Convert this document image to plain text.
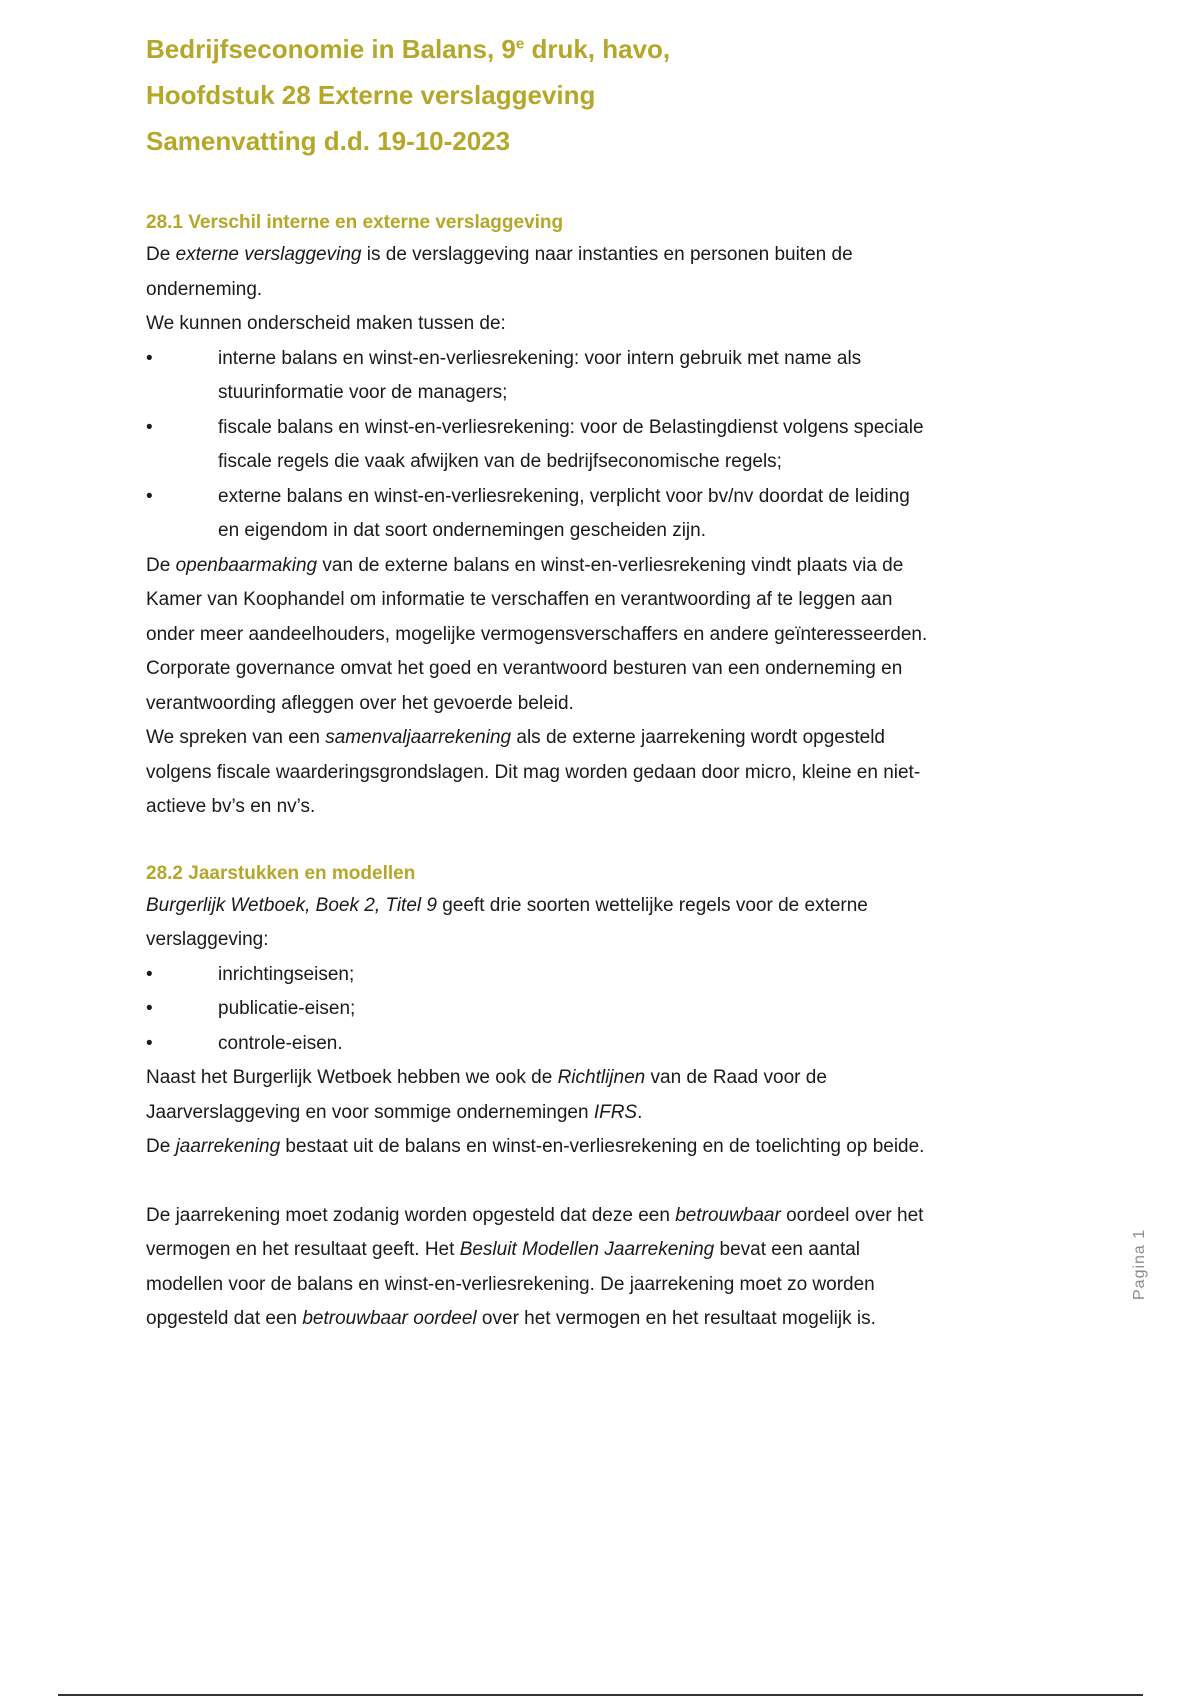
Bedrijfseconomie in Balans, 9e druk, havo,

Hoofdstuk 28 Externe verslaggeving

Samenvatting d.d. 19-10-2023

28.1 Verschil interne en externe verslaggeving

De externe verslaggeving is de verslaggeving naar instanties en personen buiten de

onderneming.

We kunnen onderscheid maken tussen de:

•	interne balans en winst-en-verliesrekening: voor intern gebruik met name als
stuurinformatie voor de managers;
•	fiscale balans en winst-en-verliesrekening: voor de Belastingdienst volgens speciale
fiscale regels die vaak afwijken van de bedrijfseconomische regels;
•	externe balans en winst-en-verliesrekening, verplicht voor bv/nv doordat de leiding
en eigendom in dat soort ondernemingen gescheiden zijn.

De openbaarmaking van de externe balans en winst-en-verliesrekening vindt plaats via de

Kamer van Koophandel om informatie te verschaffen en verantwoording af te leggen aan

onder meer aandeelhouders, mogelijke vermogensverschaffers en andere geïnteresseerden.

Corporate governance omvat het goed en verantwoord besturen van een onderneming en

verantwoording afleggen over het gevoerde beleid.

We spreken van een samenvaljaarrekening als de externe jaarrekening wordt opgesteld

volgens fiscale waarderingsgrondslagen. Dit mag worden gedaan door micro, kleine en niet-

actieve bv’s en nv’s.

28.2 Jaarstukken en modellen

Burgerlijk Wetboek, Boek 2, Titel 9 geeft drie soorten wettelijke regels voor de externe

verslaggeving:

•	inrichtingseisen;
•	publicatie-eisen;
•	controle-eisen.

Naast het Burgerlijk Wetboek hebben we ook de Richtlijnen van de Raad voor de

Jaarverslaggeving en voor sommige ondernemingen IFRS.

De jaarrekening bestaat uit de balans en winst-en-verliesrekening en de toelichting op beide.

De jaarrekening moet zodanig worden opgesteld dat deze een betrouwbaar oordeel over het

vermogen en het resultaat geeft. Het Besluit Modellen Jaarrekening bevat een aantal

modellen voor de balans en winst-en-verliesrekening. De jaarrekening moet zo worden

opgesteld dat een betrouwbaar oordeel over het vermogen en het resultaat mogelijk is.

Pagina 1
